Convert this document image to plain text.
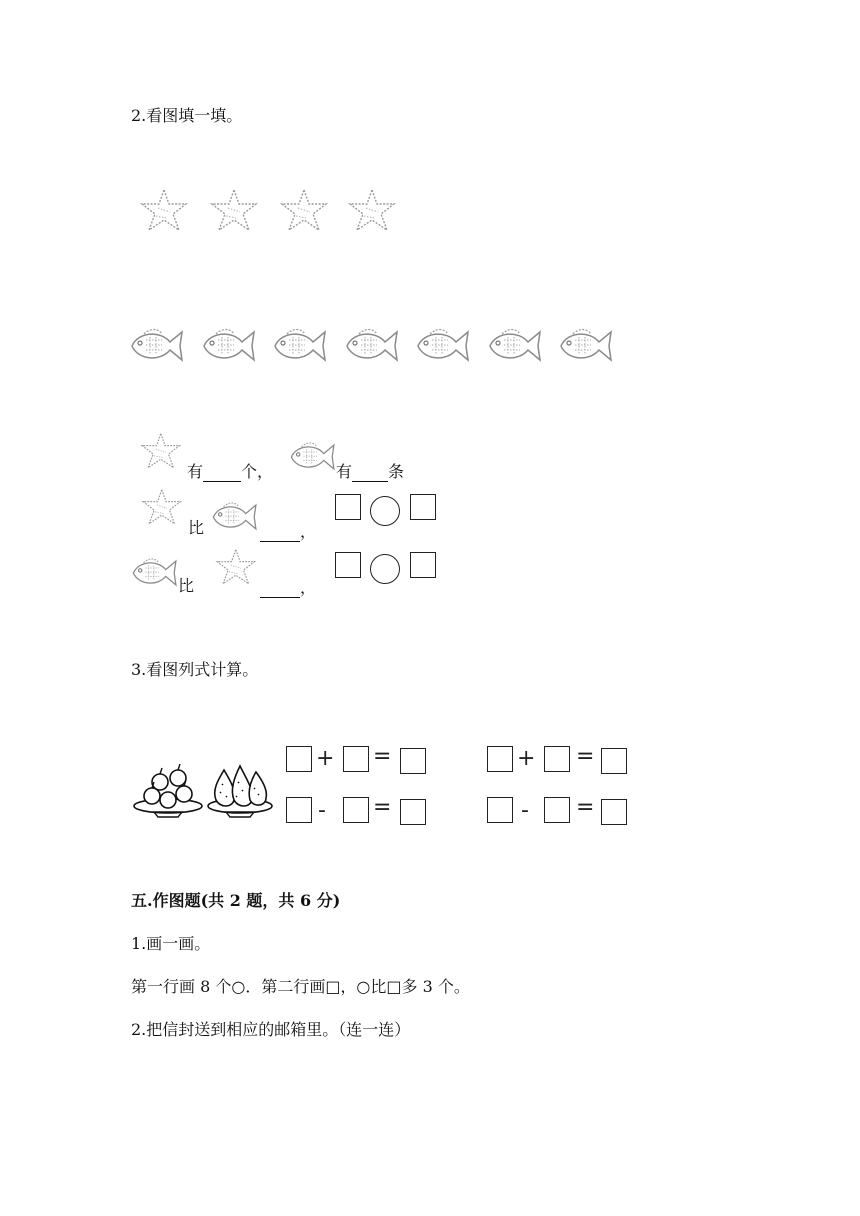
2.看图填一填。
有 个，	有 条
比	，
比	，
3.看图列式计算。
+ =
- =
+ =
- =
五.作图题(共 2 题，共 6 分)
1.画一画。
第一行画 8 个○．第二行画□，○比□多 3 个。
2.把信封送到相应的邮箱里。（连一连）
